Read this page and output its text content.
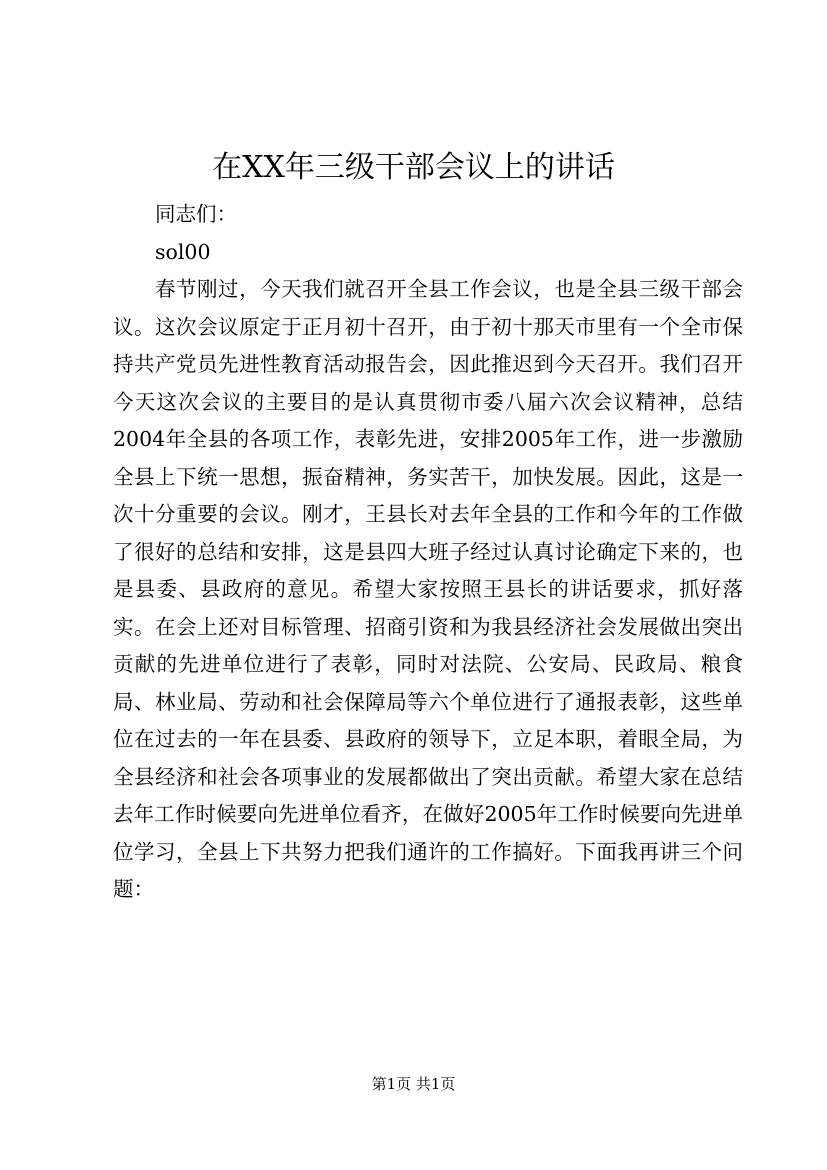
在XX年三级干部会议上的讲话

同志们：

sol00

春节刚过，今天我们就召开全县工作会议，也是全县三级干部会议。这次会议原定于正月初十召开，由于初十那天市里有一个全市保持共产党员先进性教育活动报告会，因此推迟到今天召开。我们召开今天这次会议的主要目的是认真贯彻市委八届六次会议精神，总结2004年全县的各项工作，表彰先进，安排2005年工作，进一步激励全县上下统一思想，振奋精神，务实苦干，加快发展。因此，这是一次十分重要的会议。刚才，王县长对去年全县的工作和今年的工作做了很好的总结和安排，这是县四大班子经过认真讨论确定下来的，也是县委、县政府的意见。希望大家按照王县长的讲话要求，抓好落实。在会上还对目标管理、招商引资和为我县经济社会发展做出突出贡献的先进单位进行了表彰，同时对法院、公安局、民政局、粮食局、林业局、劳动和社会保障局等六个单位进行了通报表彰，这些单位在过去的一年在县委、县政府的领导下，立足本职，着眼全局，为全县经济和社会各项事业的发展都做出了突出贡献。希望大家在总结去年工作时候要向先进单位看齐，在做好2005年工作时候要向先进单位学习，全县上下共努力把我们通许的工作搞好。下面我再讲三个问题：

第1页 共1页
